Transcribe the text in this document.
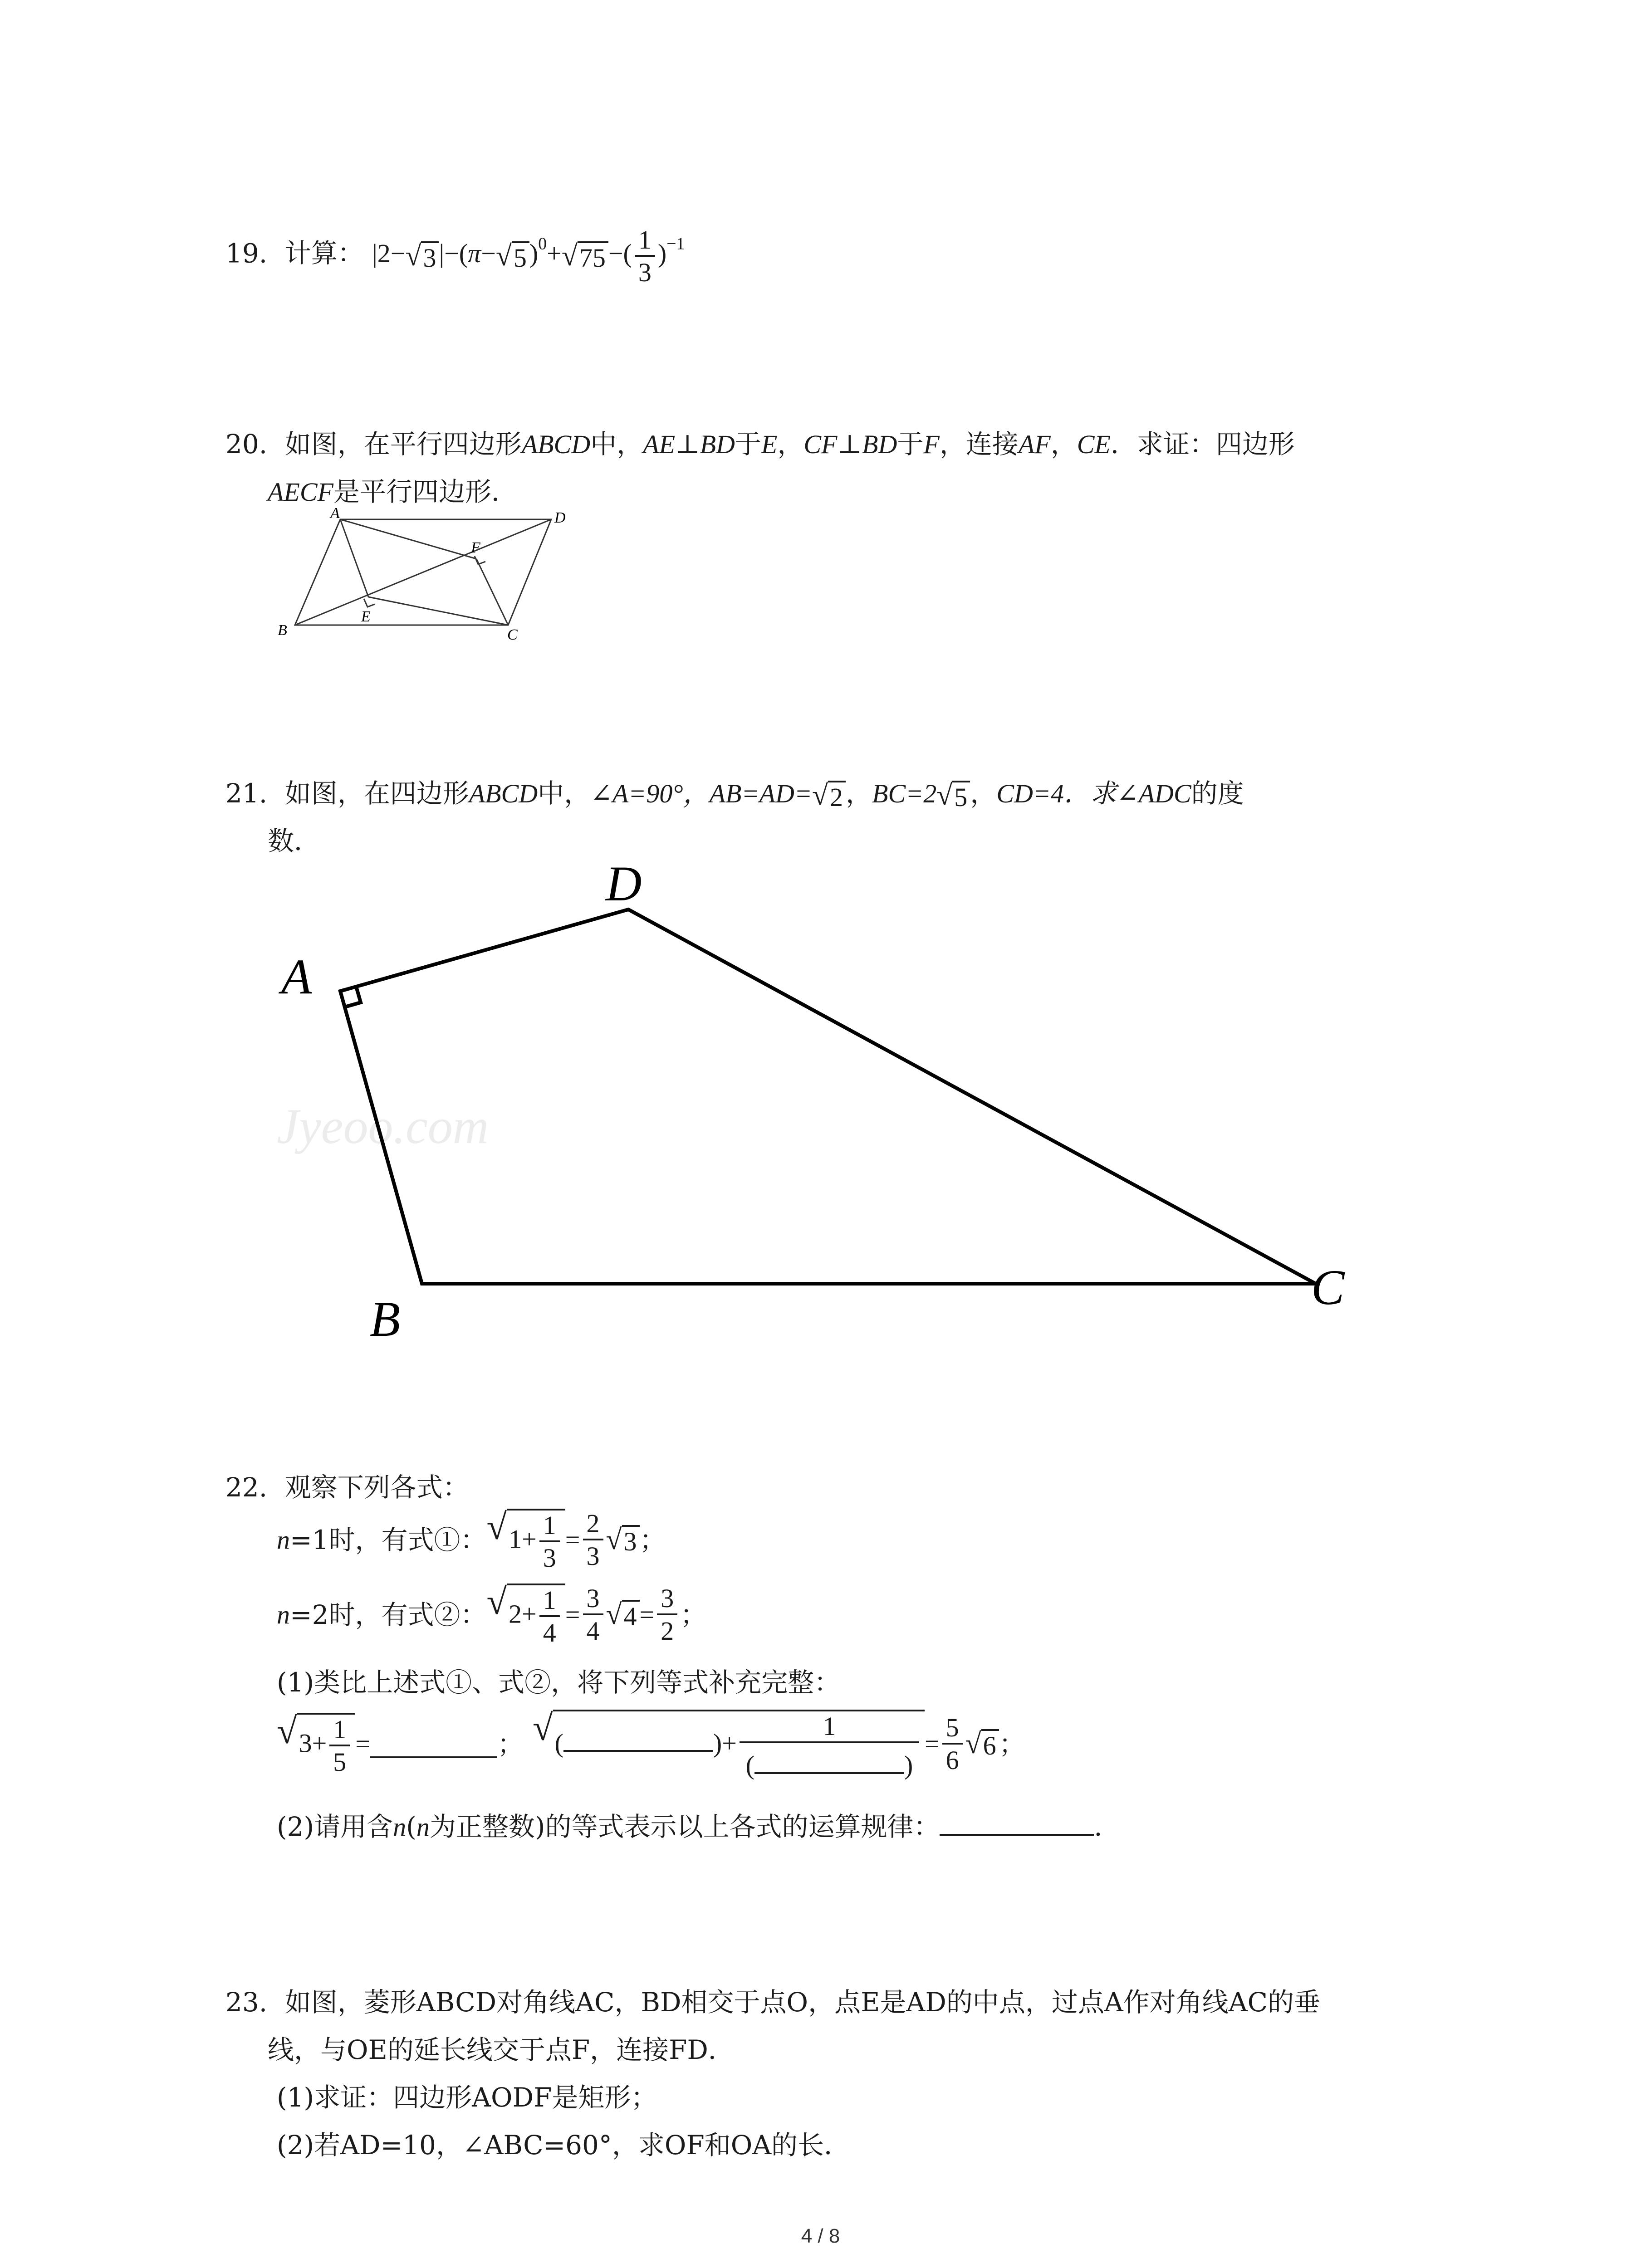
19. 计算： |2− √ 3 |−(π− √ 5 )$^0$+ √ 75 −( $\frac{1}{3} )^{-1}$
20. 如图，在平行四边形ABCD中，AE⊥BD于E，CF⊥BD于F，连接AF，CE．求证：四边形
AECF是平行四边形．
A	D
F
E
B	C
21. 如图，在四边形ABCD中，∠A=90°，AB=AD= √ 2 ，BC=2 √ 5 ，CD=4．求∠ADC的度
数．
Jyeoo.com
A
D
B
C
22. 观察下列各式：
n =1时，有式①： √ $1+ \frac{1}{3} = \frac{2}{3}$ √ 3 ；
n =2时，有式②： √ $2+ \frac{1}{4} = \frac{3}{4}$ √ $4 = \frac{3}{2}$ ；
(1)类比上述式①、式②，将下列等式补充完整：
√ $3+ \frac{1}{5}$ =	； √ (	)+ 1
(	) = $\frac{5}{6}$ √ 6 ；
(2)请用含n(n为正整数)的等式表示以上各式的运算规律：	．
23. 如图，菱形ABCD对角线AC，BD相交于点O，点E是AD的中点，过点A作对角线AC的垂
线，与OE的延长线交于点F，连接FD．
(1)求证：四边形AODF是矩形；
(2)若AD=10，∠ABC=60°，求OF和OA的长．
4 / 8
